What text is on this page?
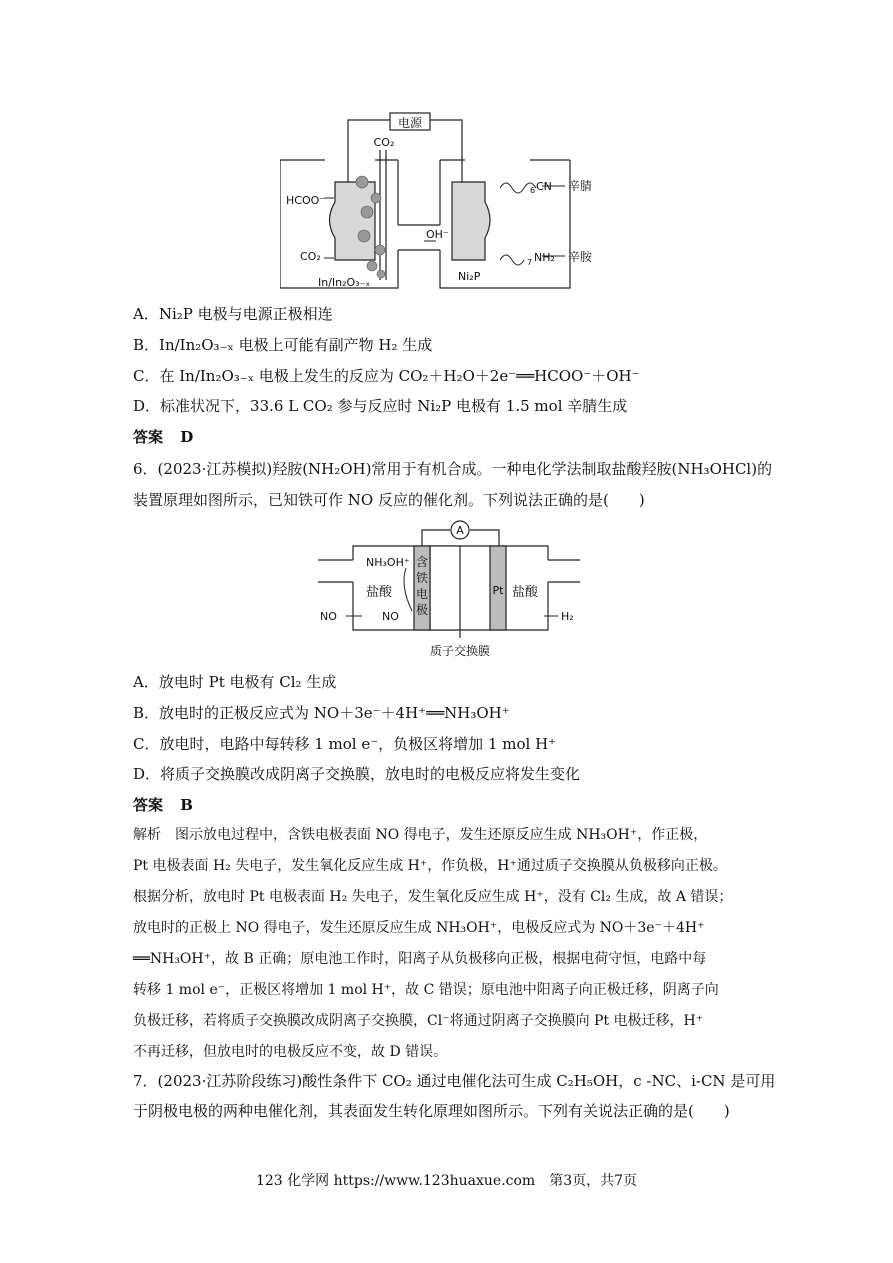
电源
CO₂
HCOO⁻
CO₂
In/In₂O₃₋ₓ
OH⁻
6 CN 辛腈
7 NH₂ 辛胺
Ni₂P
A．Ni₂P 电极与电源正极相连
B．In/In₂O₃₋ₓ 电极上可能有副产物 H₂ 生成
C．在 In/In₂O₃₋ₓ 电极上发生的反应为 CO₂＋H₂O＋2e⁻══HCOO⁻＋OH⁻
D．标准状况下，33.6 L CO₂ 参与反应时 Ni₂P 电极有 1.5 mol 辛腈生成
答案 D
6．(2023·江苏模拟)羟胺(NH₂OH)常用于有机合成。一种电化学法制取盐酸羟胺(NH₃OHCl)的
装置原理如图所示，已知铁可作 NO 反应的催化剂。下列说法正确的是(　　)
A
NH₃OH⁺
盐酸
含
铁
电
极
NO	NO
Pt 盐酸
H₂
质子交换膜
A．放电时 Pt 电极有 Cl₂ 生成
B．放电时的正极反应式为 NO＋3e⁻＋4H⁺══NH₃OH⁺
C．放电时，电路中每转移 1 mol e⁻，负极区将增加 1 mol H⁺
D．将质子交换膜改成阴离子交换膜，放电时的电极反应将发生变化
答案 B
解析　图示放电过程中，含铁电极表面 NO 得电子，发生还原反应生成 NH₃OH⁺，作正极，
Pt 电极表面 H₂ 失电子，发生氧化反应生成 H⁺，作负极，H⁺通过质子交换膜从负极移向正极。
根据分析，放电时 Pt 电极表面 H₂ 失电子，发生氧化反应生成 H⁺，没有 Cl₂ 生成，故 A 错误；
放电时的正极上 NO 得电子，发生还原反应生成 NH₃OH⁺，电极反应式为 NO＋3e⁻＋4H⁺
══NH₃OH⁺，故 B 正确；原电池工作时，阳离子从负极移向正极，根据电荷守恒，电路中每
转移 1 mol e⁻，正极区将增加 1 mol H⁺，故 C 错误；原电池中阳离子向正极迁移，阴离子向
负极迁移，若将质子交换膜改成阴离子交换膜，Cl⁻将通过阴离子交换膜向 Pt 电极迁移，H⁺
不再迁移，但放电时的电极反应不变，故 D 错误。
7．(2023·江苏阶段练习)酸性条件下 CO₂ 通过电催化法可生成 C₂H₅OH，c -NC、i-CN 是可用
于阴极电极的两种电催化剂，其表面发生转化原理如图所示。下列有关说法正确的是(　　)
123 化学网 https://www.123huaxue.com　第3页，共7页
